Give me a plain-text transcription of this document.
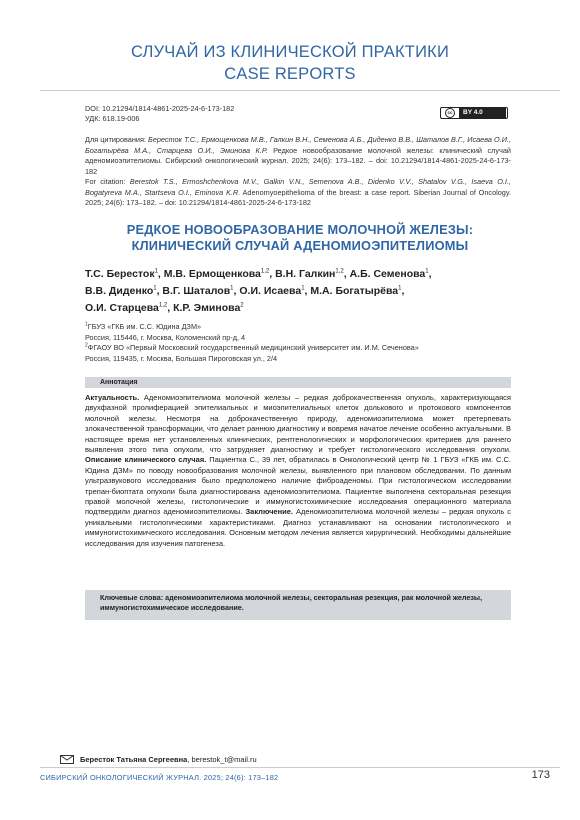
СЛУЧАЙ ИЗ КЛИНИЧЕСКОЙ ПРАКТИКИ
CASE REPORTS
DOI: 10.21294/1814-4861-2025-24-6-173-182
УДК: 618.19-006
cc	BY 4.0
Для цитирования: Бересток Т.С., Ермощенкова М.В., Галкин В.Н., Семенова А.Б., Диденко В.В., Шаталов В.Г., Исаева О.И., Богатырёва М.А., Старцева О.И., Эминова К.Р. Редкое новообразование молочной железы: клинический случай аденомиоэпителиомы. Сибирский онкологический журнал. 2025; 24(6): 173–182. – doi: 10.21294/1814-4861-2025-24-6-173-182
For citation: Berestok T.S., Ermoshchenkova M.V., Galkin V.N., Semenova A.B., Didenko V.V., Shatalov V.G., Isaeva O.I., Bogatyreva M.A., Startseva O.I., Eminova K.R. Adenomyoepithelioma of the breast: a case report. Siberian Journal of Oncology. 2025; 24(6): 173–182. – doi: 10.21294/1814-4861-2025-24-6-173-182
РЕДКОЕ НОВООБРАЗОВАНИЕ МОЛОЧНОЙ ЖЕЛЕЗЫ:
КЛИНИЧЕСКИЙ СЛУЧАЙ АДЕНОМИОЭПИТЕЛИОМЫ
Т.С. Бересток$^1$, М.В. Ермощенкова$^{1,2}$, В.Н. Галкин$^{1,2}$, А.Б. Семенова$^1$,
В.В. Диденко$^1$, В.Г. Шаталов$^1$, О.И. Исаева$^1$, М.А. Богатырёва$^1$,
О.И. Старцева$^{1,2}$, К.Р. Эминова$^2$
$^1$ГБУЗ «ГКБ им. С.С. Юдина ДЗМ»
Россия, 115446, г. Москва, Коломенский пр-д, 4
$^2$ФГАОУ ВО «Первый Московский государственный медицинский университет им. И.М. Сеченова»
Россия, 119435, г. Москва, Большая Пироговская ул., 2/4
Аннотация
Актуальность. Аденомиоэпителиома молочной железы – редкая доброкачественная опухоль, характеризующаяся двухфазной пролиферацией эпителиальных и миоэпителиальных клеток долькового и протокового компонентов молочной железы. Несмотря на доброкачественную природу, аденомиоэпителиома может претерпевать злокачественной трансформации, что делает раннюю диагностику и вовремя начатое лечение особенно актуальными. В настоящее время нет установленных клинических, рентгенологических и морфологических критериев для раннего выявления этого типа опухоли, что затрудняет диагностику и требует гистологического исследования опухоли. Описание клинического случая. Пациентка С., 39 лет, обратилась в Онкологический центр № 1 ГБУЗ «ГКБ им. С.С. Юдина ДЗМ» по поводу новообразования молочной железы, выявленного при плановом обследовании. По данным ультразвукового исследования было предположено наличие фиброаденомы. При гистологическом исследовании трепан-биоптата опухоли была диагностирована аденомиоэпителиома. Пациентке выполнена секторальная резекция правой молочной железы, гистологические и иммуногистохимические исследования операционного материала подтвердили диагноз аденомиоэпителиомы. Заключение. Аденомиоэпителиома молочной железы – редкая опухоль с уникальными гистологическими характеристиками. Диагноз устанавливают на основании гистологического и иммуногистохимического исследования. Основным методом лечения является хирургический. Необходимы дальнейшие исследования для изучения патогенеза.
Ключевые слова: аденомиоэпителиома молочной железы, секторальная резекция, рак молочной железы, иммуногистохимическое исследование.
Бересток Татьяна Сергеевна , berestok_t@mail.ru
СИБИРСКИЙ ОНКОЛОГИЧЕСКИЙ ЖУРНАЛ. 2025; 24(6): 173–182	173
